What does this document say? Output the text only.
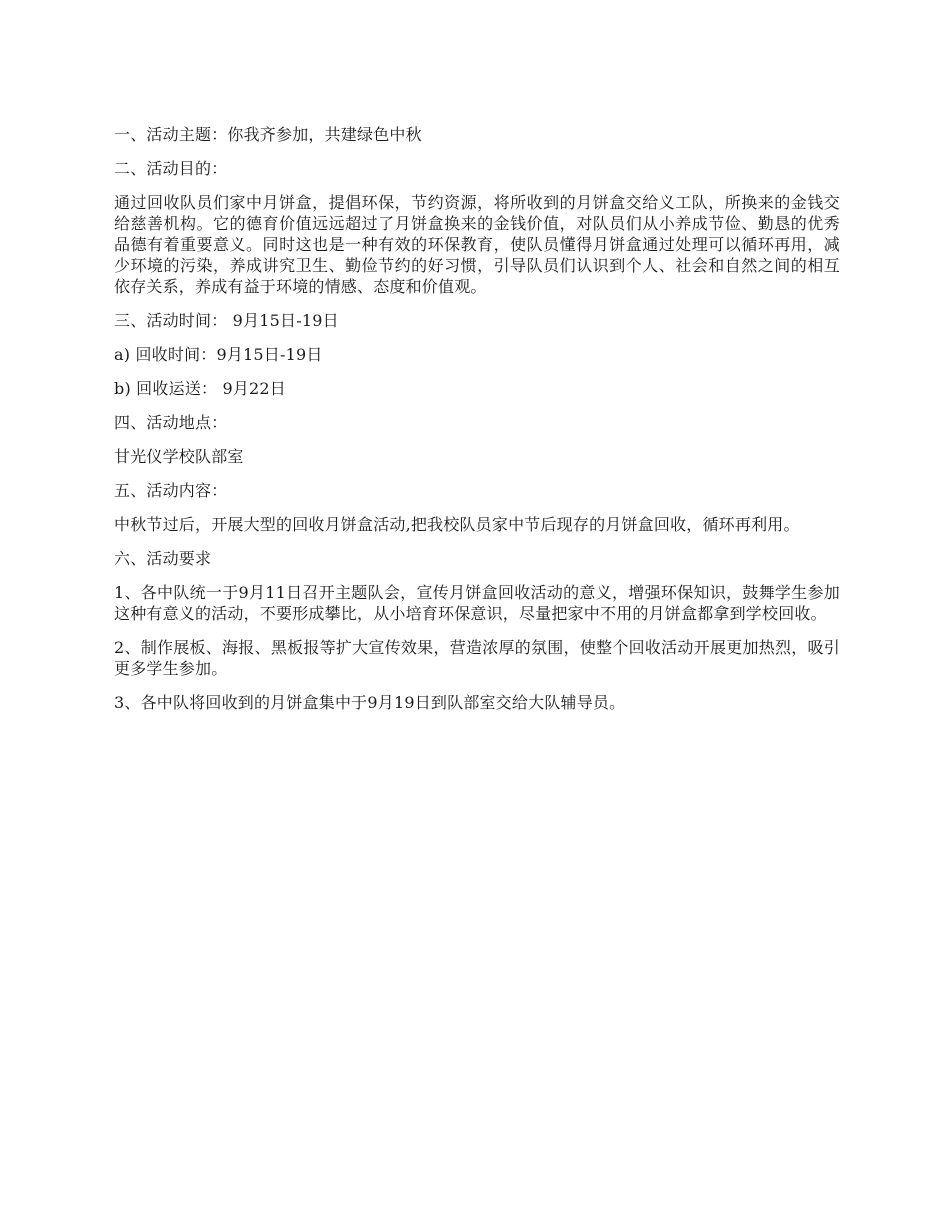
一、活动主题：你我齐参加，共建绿色中秋

二、活动目的：

通过回收队员们家中月饼盒，提倡环保，节约资源，将所收到的月饼盒交给义工队，所换来的金钱交给慈善机构。它的德育价值远远超过了月饼盒换来的金钱价值，对队员们从小养成节俭、勤恳的优秀品德有着重要意义。同时这也是一种有效的环保教育，使队员懂得月饼盒通过处理可以循环再用，减少环境的污染，养成讲究卫生、勤俭节约的好习惯，引导队员们认识到个人、社会和自然之间的相互依存关系，养成有益于环境的情感、态度和价值观。

三、活动时间： 9月15日-19日

a) 回收时间：9月15日-19日

b) 回收运送： 9月22日

四、活动地点：

甘光仪学校队部室

五、活动内容：

中秋节过后，开展大型的回收月饼盒活动,把我校队员家中节后现存的月饼盒回收，循环再利用。

六、活动要求

1、各中队统一于9月11日召开主题队会，宣传月饼盒回收活动的意义，增强环保知识，鼓舞学生参加这种有意义的活动，不要形成攀比，从小培育环保意识，尽量把家中不用的月饼盒都拿到学校回收。

2、制作展板、海报、黑板报等扩大宣传效果，营造浓厚的氛围，使整个回收活动开展更加热烈，吸引更多学生参加。

3、各中队将回收到的月饼盒集中于9月19日到队部室交给大队辅导员。
